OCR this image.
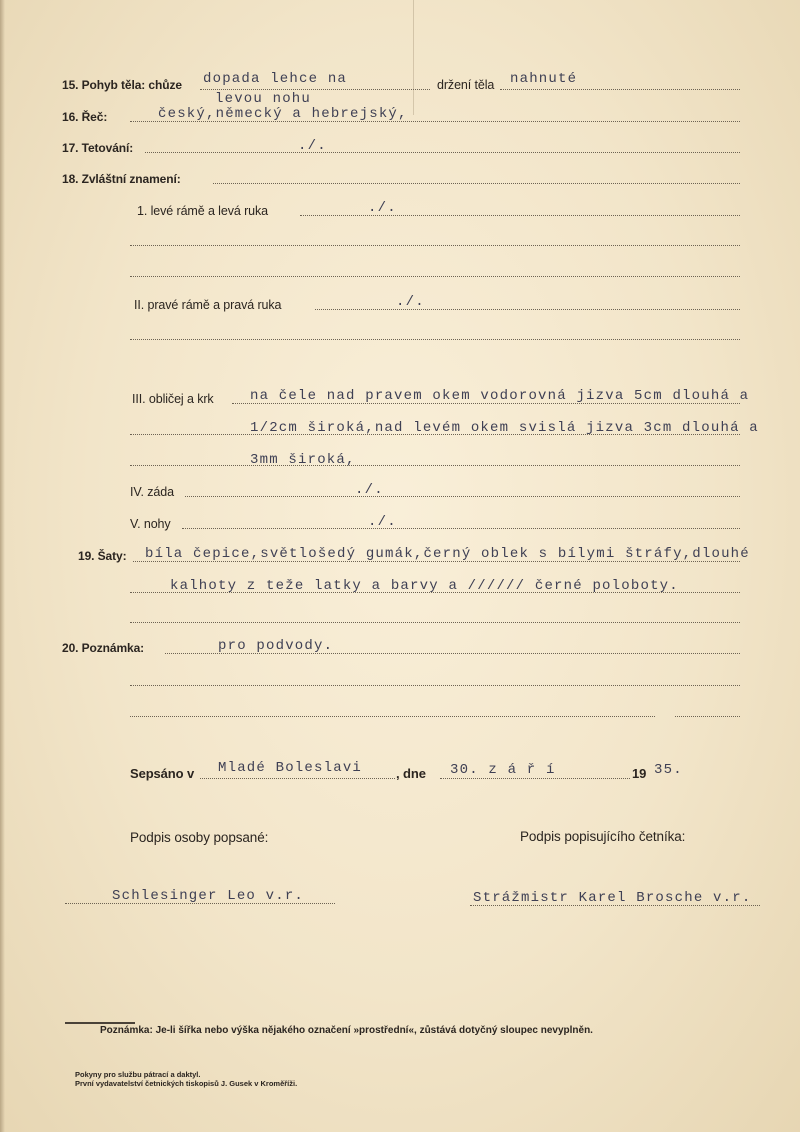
15. Pohyb těla: chůze dopada lehce na
levou nohu
držení těla nahnuté
16. Řeč:	český,německý a hebrejský,
17. Tetování:	./.
18. Zvláštní znamení:
1. levé rámě a levá ruka	./.
II. pravé rámě a pravá ruka	./.
III. obličej a krk	na čele nad pravem okem vodorovná jizva 5cm dlouhá a
1/2cm široká,nad levém okem svislá jizva 3cm dlouhá a
3mm široká,
IV. záda	./.
V. nohy	./.
19. Šaty: bíla čepice,světlošedý gumák,černý oblek s bílymi štráfy,dlouhé
kalhoty z teže latky a barvy a ////// černé poloboty.
20. Poznámka:	pro podvody.
Sepsáno v Mladé Boleslavi	, dne 30. z á ř í	19 35.
Podpis osoby popsané:	Podpis popisujícího četníka:
Schlesinger Leo v.r.	Strážmistr Karel Brosche v.r.
Poznámka: Je-li šířka nebo výška nějakého označení »prostřední«, zůstává dotyčný sloupec nevyplněn.
Pokyny pro službu pátrací a daktyl.
První vydavatelství četnických tiskopisů J. Gusek v Kroměříži.
